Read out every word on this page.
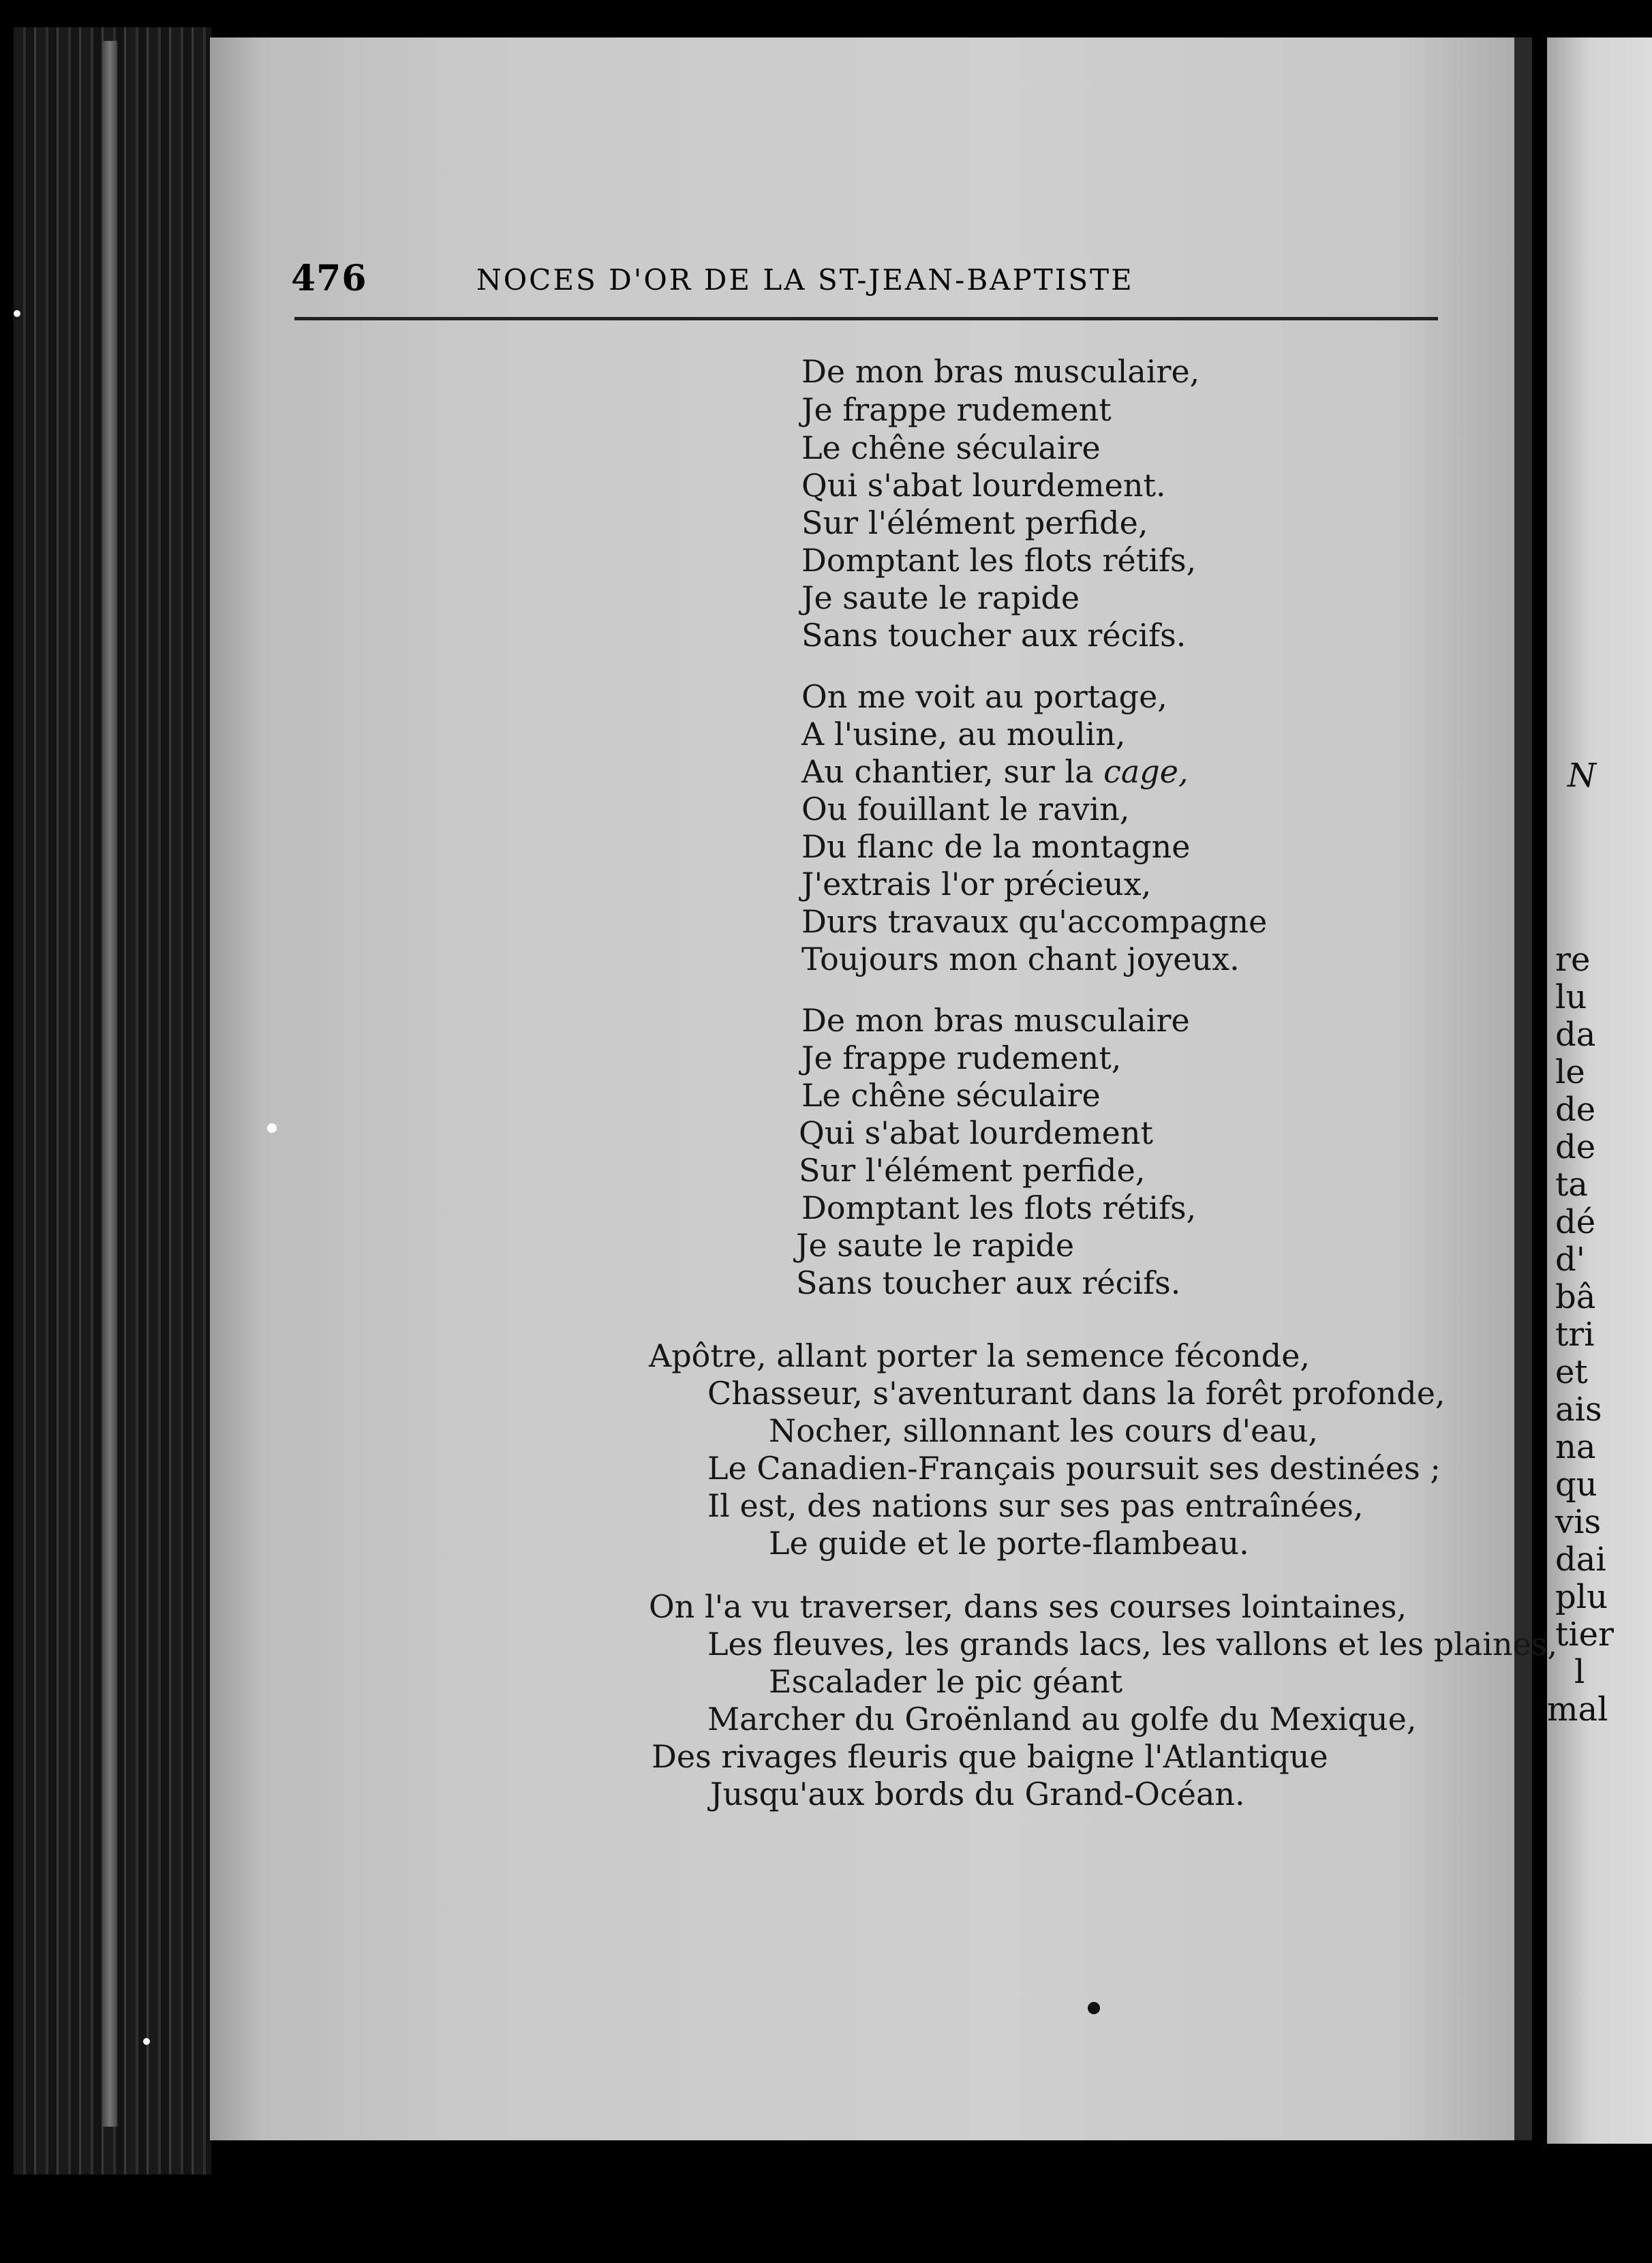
N
re
lu
da
le
de
de
ta
dé
d'
bâ
tri
et
ais
na
qu
vis
dai
plu
tier
l
mal
476	NOCES D'OR DE LA ST-JEAN-BAPTISTE
De mon bras musculaire,
Je frappe rudement
Le chêne séculaire
Qui s'abat lourdement.
Sur l'élément perfide,
Domptant les flots rétifs,
Je saute le rapide
Sans toucher aux récifs.
On me voit au portage,
A l'usine, au moulin,
Au chantier, sur la cage,
Ou fouillant le ravin,
Du flanc de la montagne
J'extrais l'or précieux,
Durs travaux qu'accompagne
Toujours mon chant joyeux.
De mon bras musculaire
Je frappe rudement,
Le chêne séculaire
Qui s'abat lourdement
Sur l'élément perfide,
Domptant les flots rétifs,
Je saute le rapide
Sans toucher aux récifs.
Apôtre, allant porter la semence féconde,
Chasseur, s'aventurant dans la forêt profonde,
Nocher, sillonnant les cours d'eau,
Le Canadien-Français poursuit ses destinées ;
Il est, des nations sur ses pas entraînées,
Le guide et le porte-flambeau.
On l'a vu traverser, dans ses courses lointaines,
Les fleuves, les grands lacs, les vallons et les plaines,
Escalader le pic géant
Marcher du Groënland au golfe du Mexique,
Des rivages fleuris que baigne l'Atlantique
Jusqu'aux bords du Grand-Océan.
